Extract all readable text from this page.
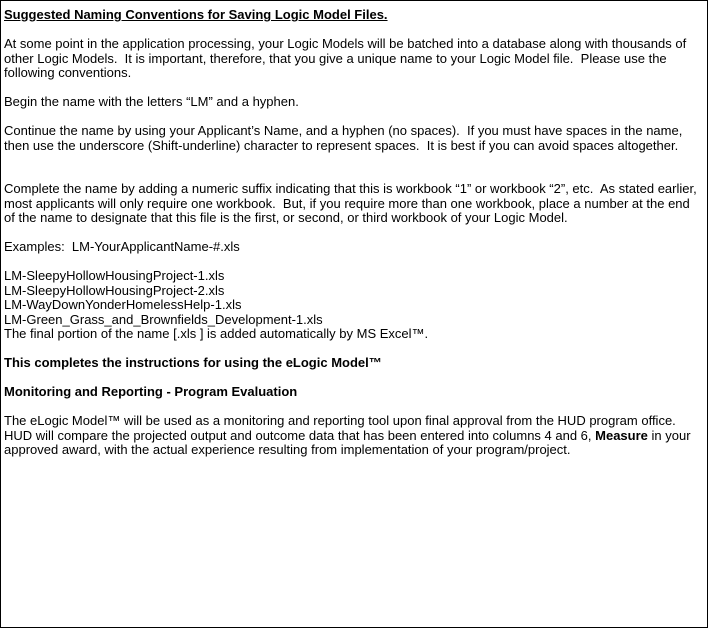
Suggested Naming Conventions for Saving Logic Model Files.

At some point in the application processing, your Logic Models will be batched into a database along with thousands of other Logic Models.  It is important, therefore, that you give a unique name to your Logic Model file.  Please use the following conventions.

Begin the name with the letters “LM” and a hyphen.

Continue the name by using your Applicant’s Name, and a hyphen (no spaces).  If you must have spaces in the name, then use the underscore (Shift-underline) character to represent spaces.  It is best if you can avoid spaces altogether.

Complete the name by adding a numeric suffix indicating that this is workbook “1” or workbook “2”, etc.  As stated earlier, most applicants will only require one workbook.  But, if you require more than one workbook, place a number at the end of the name to designate that this file is the first, or second, or third workbook of your Logic Model.

Examples:  LM-YourApplicantName-#.xls

LM-SleepyHollowHousingProject-1.xls

LM-SleepyHollowHousingProject-2.xls

LM-WayDownYonderHomelessHelp-1.xls

LM-Green_Grass_and_Brownfields_Development-1.xls

The final portion of the name [.xls ] is added automatically by MS Excel™.

This completes the instructions for using the eLogic Model™

Monitoring and Reporting - Program Evaluation

The eLogic Model™ will be used as a monitoring and reporting tool upon final approval from the HUD program office. HUD will compare the projected output and outcome data that has been entered into columns 4 and 6, Measure in your approved award, with the actual experience resulting from implementation of your program/project.
